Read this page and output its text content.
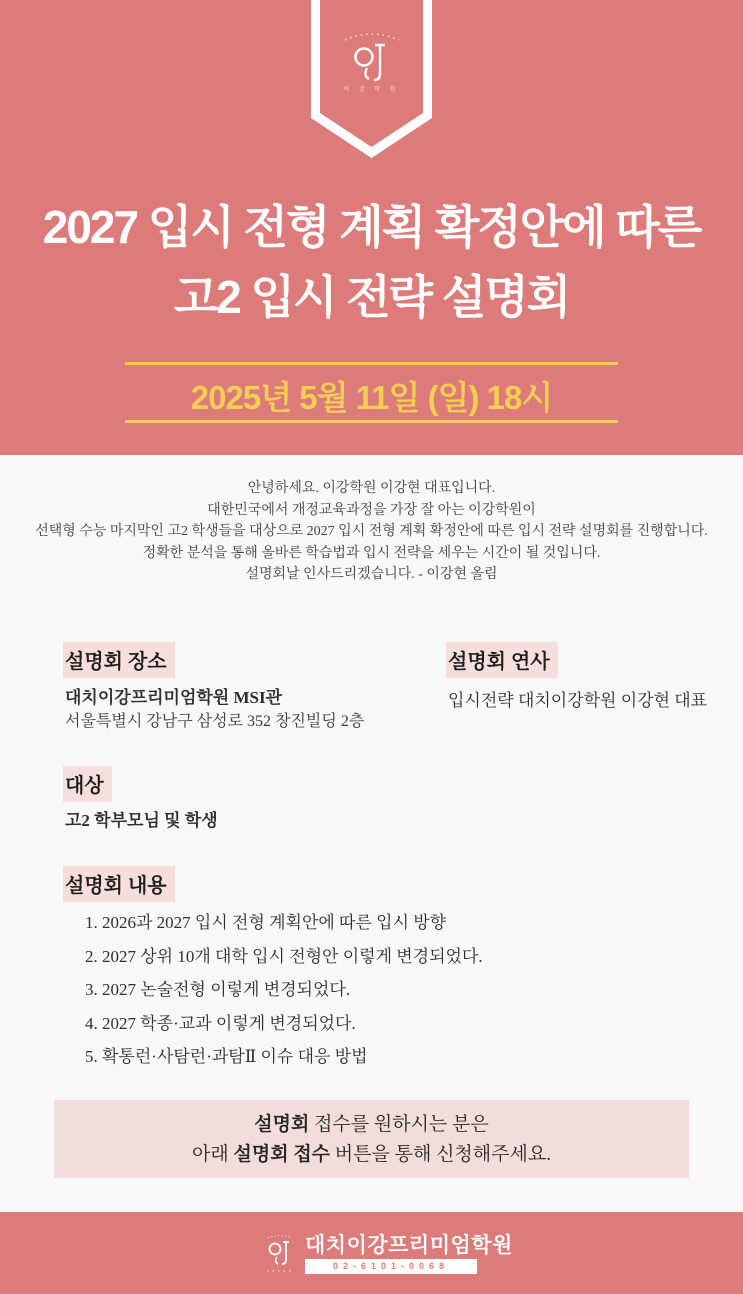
이 강 학 원
2027 입시 전형 계획 확정안에 따른
고2 입시 전략 설명회
2025년 5월 11일 (일) 18시
안녕하세요. 이강학원 이강현 대표입니다.
대한민국에서 개정교육과정을 가장 잘 아는 이강학원이
선택형 수능 마지막인 고2 학생들을 대상으로 2027 입시 전형 계획 확정안에 따른 입시 전략 설명회를 진행합니다.
정확한 분석을 통해 올바른 학습법과 입시 전략을 세우는 시간이 될 것입니다.
설명회날 인사드리겠습니다. - 이강현 올림
설명회 장소
대치이강프리미엄학원 MSI관
서울특별시 강남구 삼성로 352 창진빌딩 2층
설명회 연사
입시전략 대치이강학원 이강현 대표
대상
고2 학부모님 및 학생
설명회 내용
1. 2026과 2027 입시 전형 계획안에 따른 입시 방향
2. 2027 상위 10개 대학 입시 전형안 이렇게 변경되었다.
3. 2027 논술전형 이렇게 변경되었다.
4. 2027 학종·교과 이렇게 변경되었다.
5. 확통런·사탐런·과탐Ⅱ 이슈 대응 방법
설명회 접수를 원하시는 분은
아래 설명회 접수 버튼을 통해 신청해주세요.
대치이강프리미엄학원
02-6101-0068
